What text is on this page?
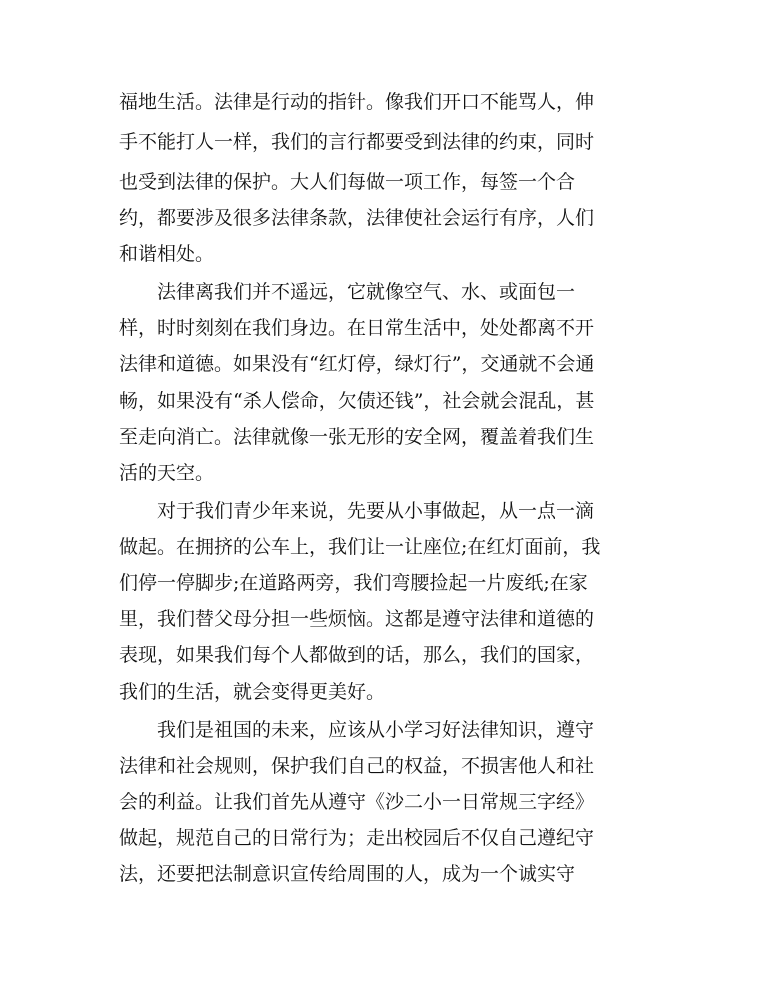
福地生活。法律是行动的指针。像我们开口不能骂人，伸

手不能打人一样，我们的言行都要受到法律的约束，同时

也受到法律的保护。大人们每做一项工作，每签一个合

约，都要涉及很多法律条款，法律使社会运行有序，人们

和谐相处。

法律离我们并不遥远，它就像空气、水、或面包一

样，时时刻刻在我们身边。在日常生活中，处处都离不开

法律和道德。如果没有“红灯停，绿灯行”，交通就不会通

畅，如果没有“杀人偿命，欠债还钱”，社会就会混乱，甚

至走向消亡。法律就像一张无形的安全网，覆盖着我们生

活的天空。

对于我们青少年来说，先要从小事做起，从一点一滴

做起。在拥挤的公车上，我们让一让座位;在红灯面前，我

们停一停脚步;在道路两旁，我们弯腰捡起一片废纸;在家

里，我们替父母分担一些烦恼。这都是遵守法律和道德的

表现，如果我们每个人都做到的话，那么，我们的国家，

我们的生活，就会变得更美好。

我们是祖国的未来，应该从小学习好法律知识，遵守

法律和社会规则，保护我们自己的权益，不损害他人和社

会的利益。让我们首先从遵守《沙二小一日常规三字经》

做起，规范自己的日常行为；走出校园后不仅自己遵纪守

法，还要把法制意识宣传给周围的人，成为一个诚实守
